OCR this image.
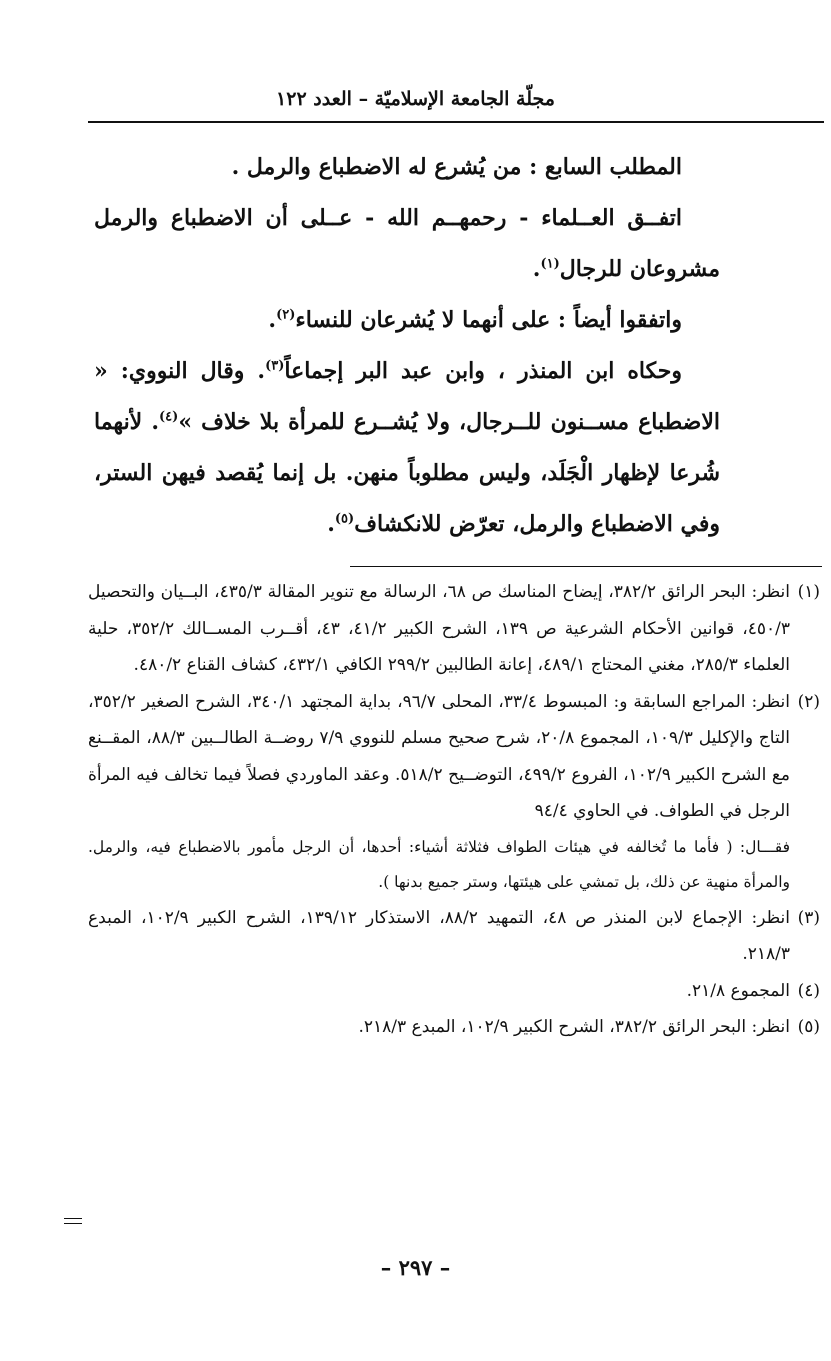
مجلّة الجامعة الإسلاميّة – العدد ١٢٢

المطلب السابع : من يُشرع له الاضطباع والرمل .

اتفــق العــلماء - رحمهــم الله - عــلى أن الاضطباع والرمل مشروعان للرجال$^{(١)}$.

واتفقوا أيضاً : على أنهما لا يُشرعان للنساء$^{(٢)}$.

وحكاه ابن المنذر ، وابن عبد البر إجماعاً$^{(٣)}$. وقال النووي: « الاضطباع مســنون للــرجال، ولا يُشــرع للمرأة بلا خلاف »$^{(٤)}$. لأنهما شُرعا لإظهار الْجَلَد، وليس مطلوباً منهن. بل إنما يُقصد فيهن الستر، وفي الاضطباع والرمل، تعرّض للانكشاف$^{(٥)}$.

(١)
انظر: البحر الرائق ٣٨٢/٢، إيضاح المناسك ص ٦٨، الرسالة مع تنوير المقالة ٤٣٥/٣، البــيان والتحصيل ٤٥٠/٣، قوانين الأحكام الشرعية ص ١٣٩، الشرح الكبير ٤١/٢، ٤٣، أقــرب المســالك ٣٥٢/٢، حلية العلماء ٢٨٥/٣، مغني المحتاج ٤٨٩/١، إعانة الطالبين ٢٩٩/٢ الكافي ٤٣٢/١، كشاف القناع ٤٨٠/٢.
(٢)
انظر: المراجع السابقة و: المبسوط ٣٣/٤، المحلى ٩٦/٧، بداية المجتهد ٣٤٠/١، الشرح الصغير ٣٥٢/٢، التاج والإكليل ١٠٩/٣، المجموع ٢٠/٨، شرح صحيح مسلم للنووي ٧/٩ روضــة الطالــبين ٨٨/٣، المقــنع مع الشرح الكبير ١٠٢/٩، الفروع ٤٩٩/٢، التوضــيح ٥١٨/٢. وعقد الماوردي فصلاً فيما تخالف فيه المرأة الرجل في الطواف. في الحاوي ٩٤/٤
فقـــال: ( فأما ما تُخالفه في هيئات الطواف فثلاثة أشياء: أحدها، أن الرجل مأمور بالاضطباع فيه، والرمل. والمرأة منهية عن ذلك، بل تمشي على هيئتها، وستر جميع بدنها ).
(٣)
انظر: الإجماع لابن المنذر ص ٤٨، التمهيد ٨٨/٢، الاستذكار ١٣٩/١٢، الشرح الكبير ١٠٢/٩، المبدع ٢١٨/٣.
(٤)
المجموع ٢١/٨.
(٥)
انظر: البحر الرائق ٣٨٢/٢، الشرح الكبير ١٠٢/٩، المبدع ٢١٨/٣.
– ٢٩٧ –
